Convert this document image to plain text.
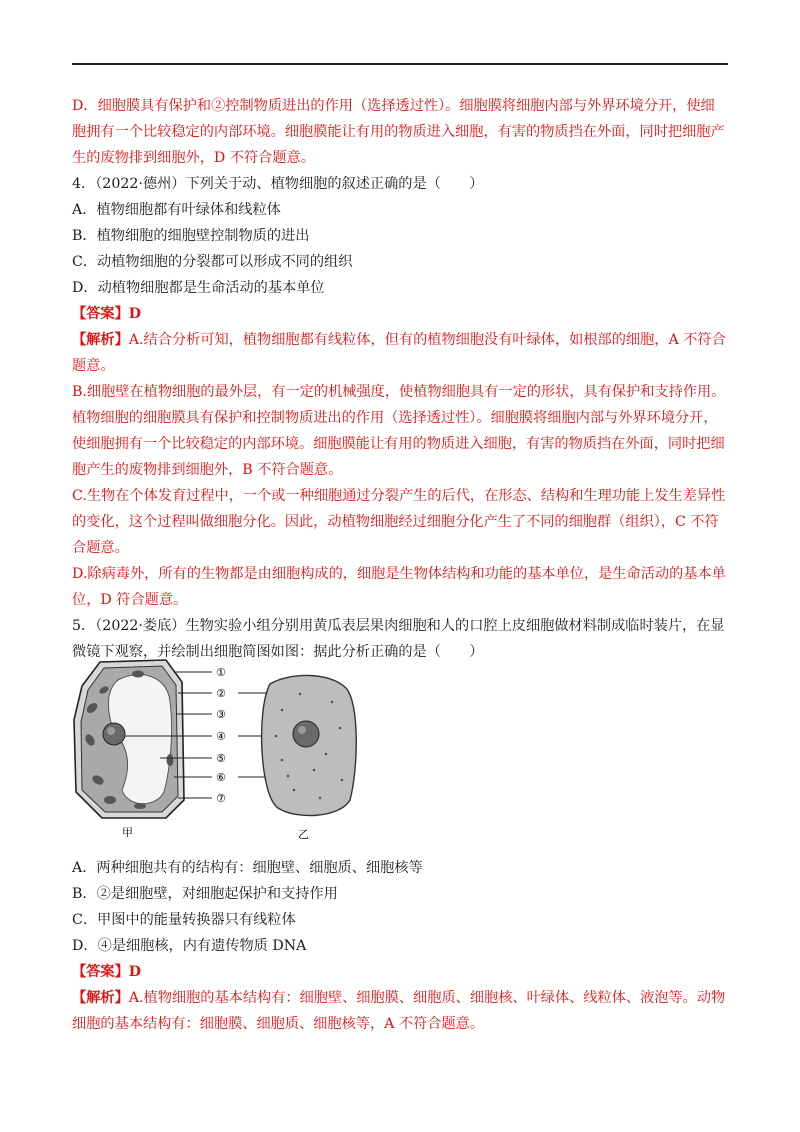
D．细胞膜具有保护和②控制物质进出的作用（选择透过性）。细胞膜将细胞内部与外界环境分开，使细
胞拥有一个比较稳定的内部环境。细胞膜能让有用的物质进入细胞，有害的物质挡在外面，同时把细胞产
生的废物排到细胞外，D 不符合题意。
4．（2022·德州）下列关于动、植物细胞的叙述正确的是（　　）
A．植物细胞都有叶绿体和线粒体
B．植物细胞的细胞壁控制物质的进出
C．动植物细胞的分裂都可以形成不同的组织
D．动植物细胞都是生命活动的基本单位
【答案】D
【解析】A.结合分析可知，植物细胞都有线粒体，但有的植物细胞没有叶绿体，如根部的细胞，A 不符合
题意。
B.细胞壁在植物细胞的最外层，有一定的机械强度，使植物细胞具有一定的形状，具有保护和支持作用。
植物细胞的细胞膜具有保护和控制物质进出的作用（选择透过性）。细胞膜将细胞内部与外界环境分开，
使细胞拥有一个比较稳定的内部环境。细胞膜能让有用的物质进入细胞，有害的物质挡在外面，同时把细
胞产生的废物排到细胞外，B 不符合题意。
C.生物在个体发育过程中，一个或一种细胞通过分裂产生的后代，在形态、结构和生理功能上发生差异性
的变化，这个过程叫做细胞分化。因此，动植物细胞经过细胞分化产生了不同的细胞群（组织），C 不符
合题意。
D.除病毒外，所有的生物都是由细胞构成的，细胞是生物体结构和功能的基本单位，是生命活动的基本单
位，D 符合题意。
5．（2022·娄底）生物实验小组分别用黄瓜表层果肉细胞和人的口腔上皮细胞做材料制成临时装片，在显
微镜下观察，并绘制出细胞简图如图：据此分析正确的是（　　）
①
②
③
④
⑤
⑥
⑦
甲	乙
A．两种细胞共有的结构有：细胞壁、细胞质、细胞核等
B．②是细胞壁，对细胞起保护和支持作用
C．甲图中的能量转换器只有线粒体
D．④是细胞核，内有遗传物质 DNA
【答案】D
【解析】A.植物细胞的基本结构有：细胞壁、细胞膜、细胞质、细胞核、叶绿体、线粒体、液泡等。动物
细胞的基本结构有：细胞膜、细胞质、细胞核等，A 不符合题意。
